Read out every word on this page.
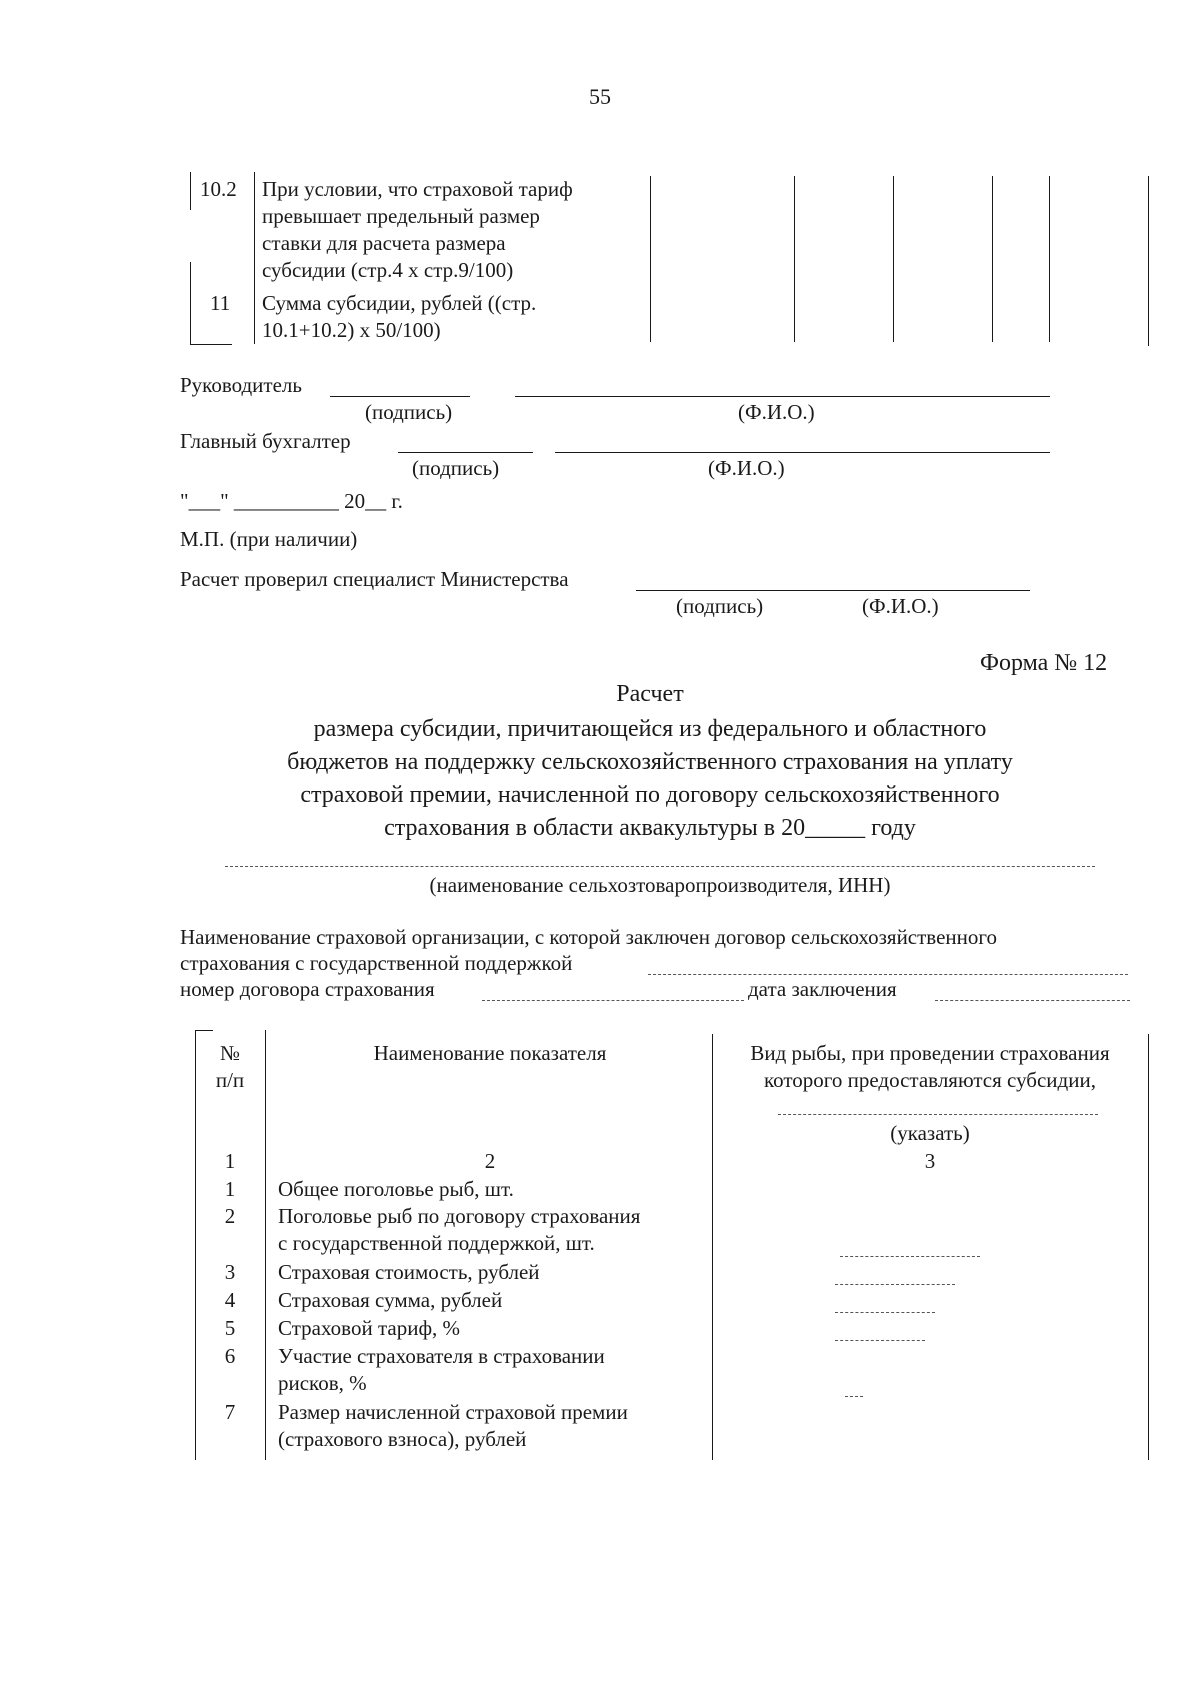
55
10.2 При условии, что страховой тариф
превышает предельный размер
ставки для расчета размера
субсидии (стр.4 x стр.9/100)
11 Сумма субсидии, рублей ((стр.
10.1+10.2) x 50/100)
Руководитель
(подпись)	(Ф.И.О.)
Главный бухгалтер
(подпись)	(Ф.И.О.)
"___" __________ 20__ г.
М.П. (при наличии)
Расчет проверил специалист Министерства
(подпись)	(Ф.И.О.)
Форма № 12
Расчет
размера субсидии, причитающейся из федерального и областного
бюджетов на поддержку сельскохозяйственного страхования на уплату
страховой премии, начисленной по договору сельскохозяйственного
страхования в области аквакультуры в 20_____ году
(наименование сельхозтоваропроизводителя, ИНН)
Наименование страховой организации, с которой заключен договор сельскохозяйственного
страхования с государственной поддержкой
номер договора страхования	дата заключения
№
п/п
Наименование показателя	Вид рыбы, при проведении страхования
которого предоставляются субсидии,
(указать)
1	2	3
1	Общее поголовье рыб, шт.
2	Поголовье рыб по договору страхования
с государственной поддержкой, шт.
3	Страховая стоимость, рублей
4	Страховая сумма, рублей
5	Страховой тариф, %
6	Участие страхователя в страховании
рисков, %
7	Размер начисленной страховой премии
(страхового взноса), рублей
